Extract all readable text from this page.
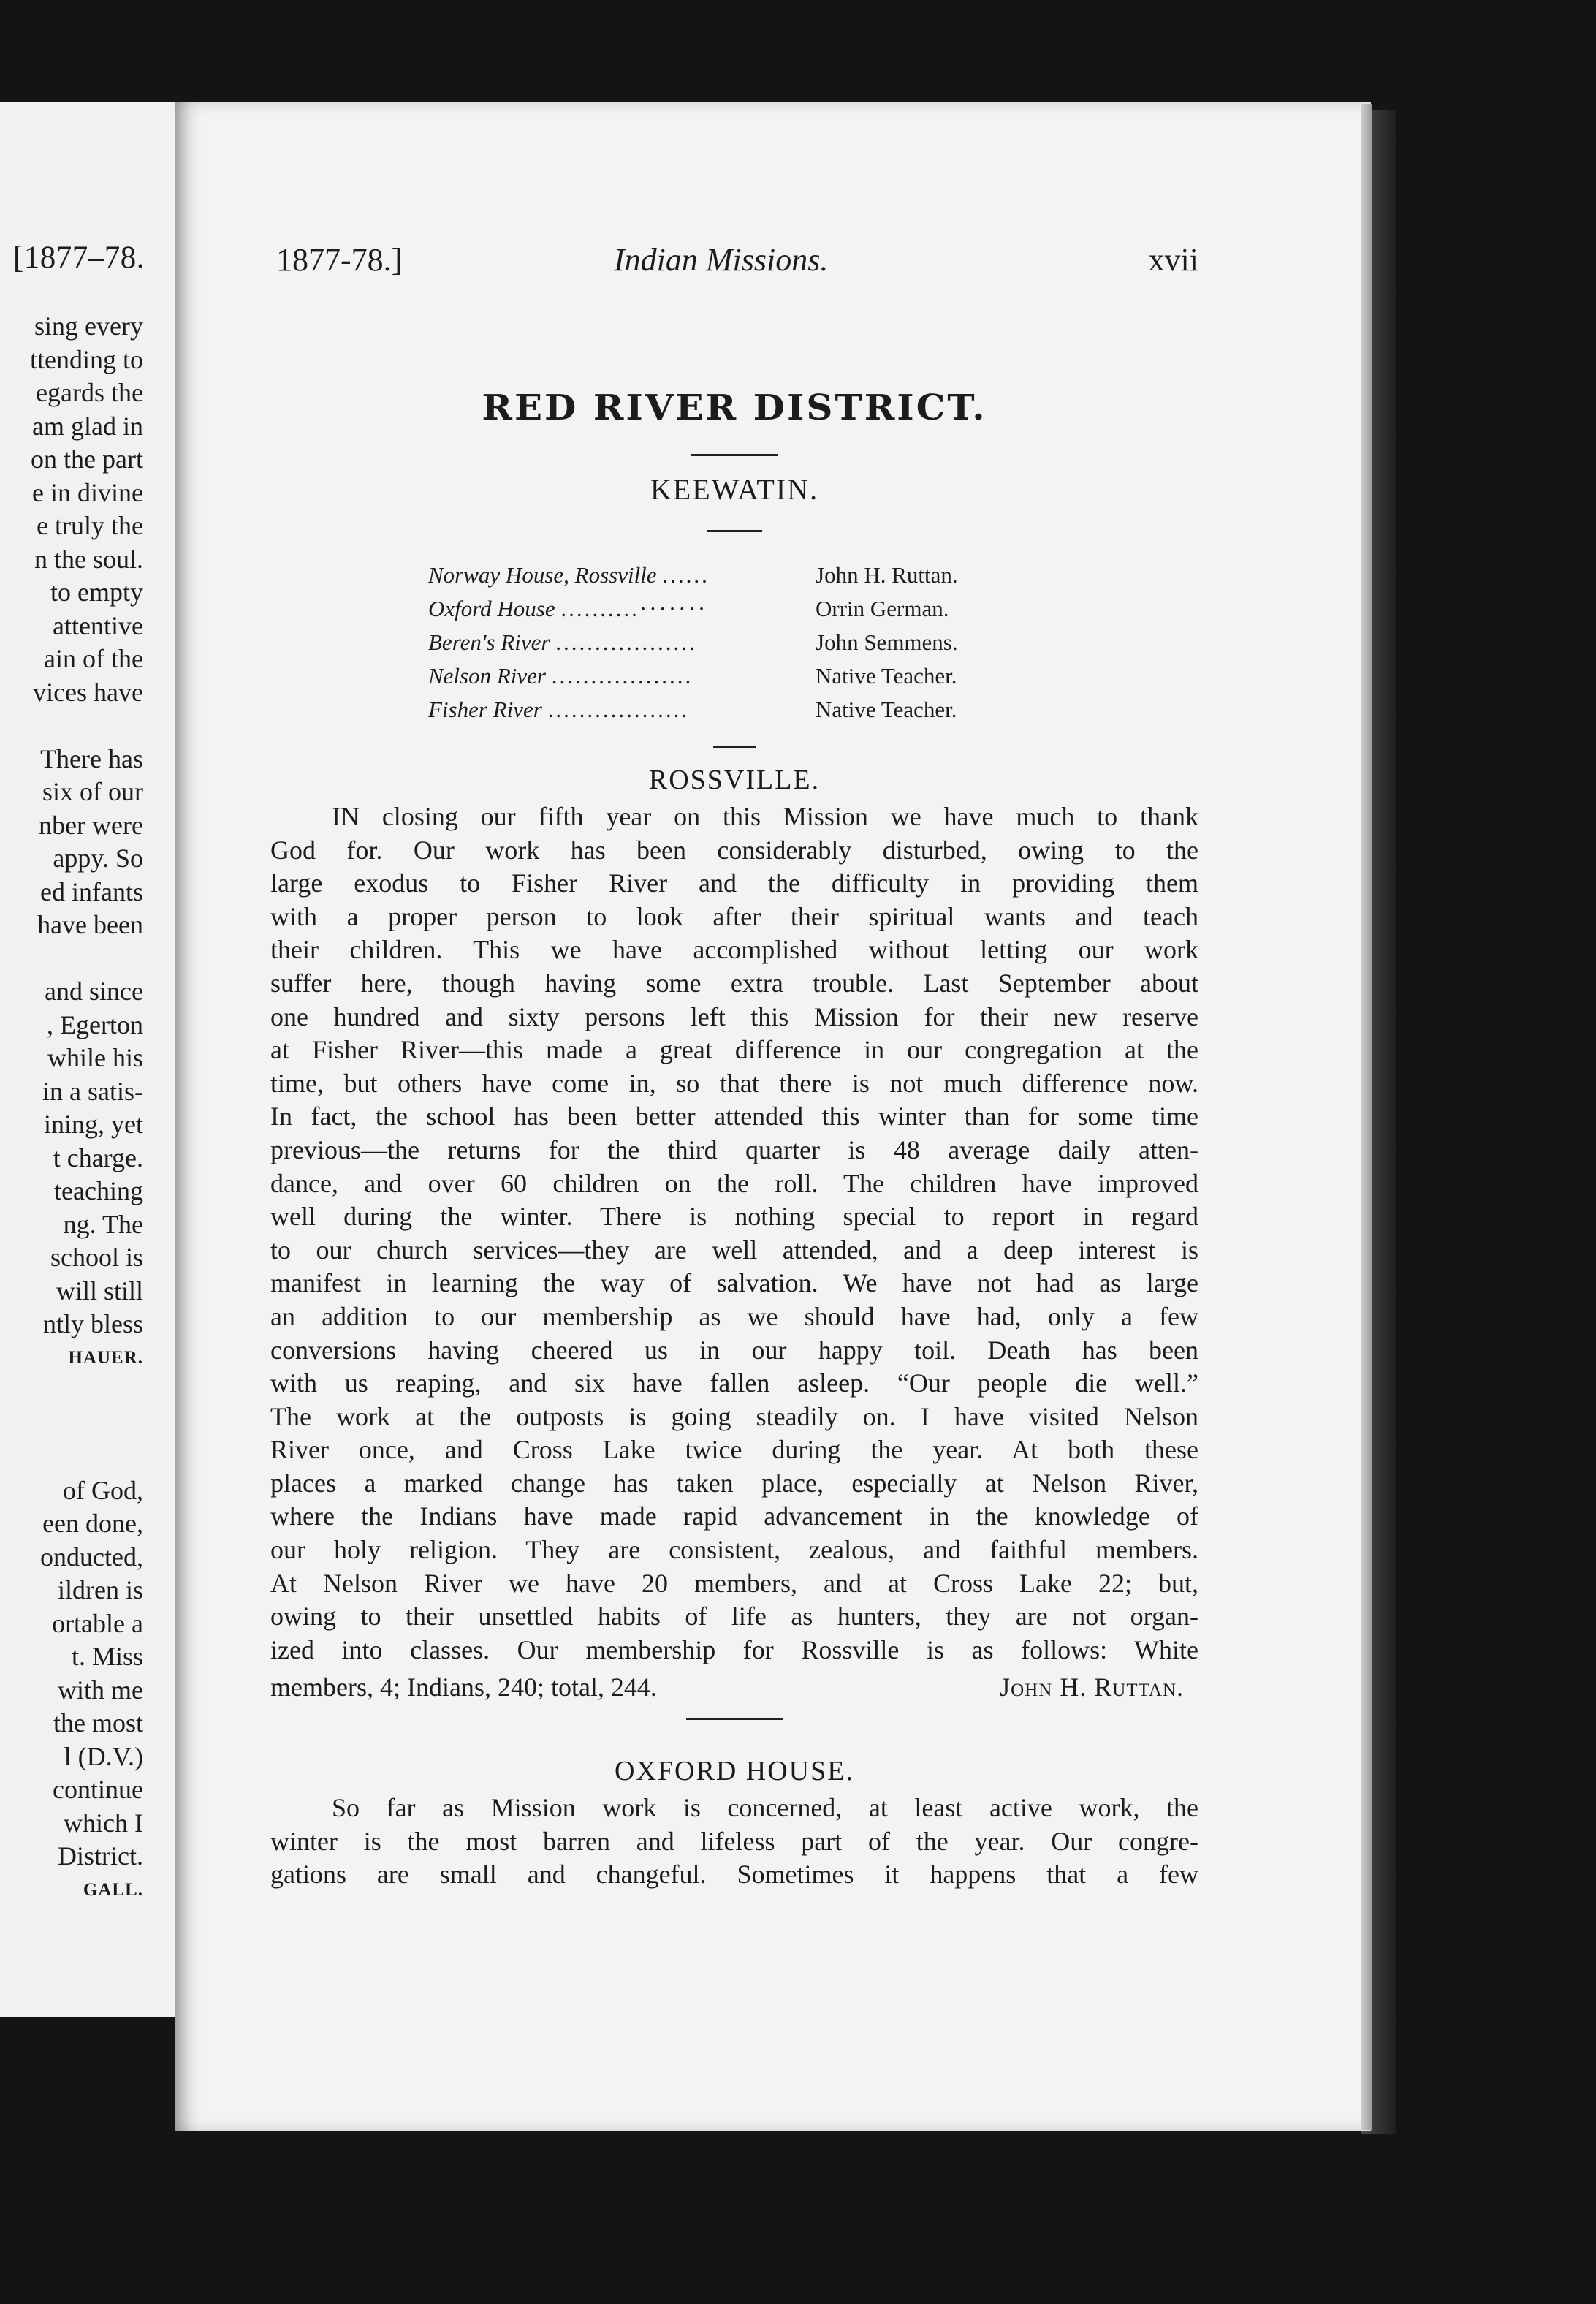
[1877–78.
sing every
ttending to
egards the
am glad in
on the part
e in divine
e truly the
n the soul.
to empty
attentive
ain of the
vices have
There has
six of our
nber were
appy. So
ed infants
have been
and since
, Egerton
while his
in a satis-
ining, yet
t charge.
teaching
ng. The
school is
will still
ntly bless
HAUER.
of God,
een done,
onducted,
ildren is
ortable a
t. Miss
with me
the most
l (D.V.)
continue
which I
District.
GALL.
1877-78.]	Indian Missions.	xvii
RED RIVER DISTRICT.
KEEWATIN.
Norway House, Rossville ......	John H. Ruttan.
Oxford House ..........·······	Orrin German.
Beren's River ..................	John Semmens.
Nelson River ..................	Native Teacher.
Fisher River ..................	Native Teacher.
ROSSVILLE.
IN closing our fifth year on this Mission we have much to thank
God for. Our work has been considerably disturbed, owing to the
large exodus to Fisher River and the difficulty in providing them
with a proper person to look after their spiritual wants and teach
their children. This we have accomplished without letting our work
suffer here, though having some extra trouble. Last September about
one hundred and sixty persons left this Mission for their new reserve
at Fisher River—this made a great difference in our congregation at the
time, but others have come in, so that there is not much difference now.
In fact, the school has been better attended this winter than for some time
previous—the returns for the third quarter is 48 average daily atten-
dance, and over 60 children on the roll. The children have improved
well during the winter. There is nothing special to report in regard
to our church services—they are well attended, and a deep interest is
manifest in learning the way of salvation. We have not had as large
an addition to our membership as we should have had, only a few
conversions having cheered us in our happy toil. Death has been
with us reaping, and six have fallen asleep. “Our people die well.”
The work at the outposts is going steadily on. I have visited Nelson
River once, and Cross Lake twice during the year. At both these
places a marked change has taken place, especially at Nelson River,
where the Indians have made rapid advancement in the knowledge of
our holy religion. They are consistent, zealous, and faithful members.
At Nelson River we have 20 members, and at Cross Lake 22; but,
owing to their unsettled habits of life as hunters, they are not organ-
ized into classes. Our membership for Rossville is as follows: White
members, 4; Indians, 240; total, 244.	John H. Ruttan.
OXFORD HOUSE.
So far as Mission work is concerned, at least active work, the
winter is the most barren and lifeless part of the year. Our congre-
gations are small and changeful. Sometimes it happens that a few
